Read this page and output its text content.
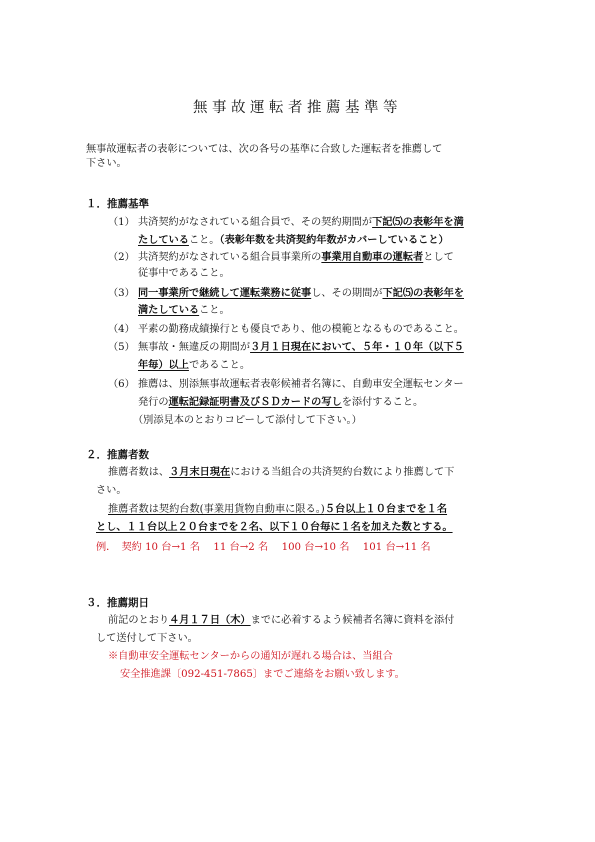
無事故運転者推薦基準等
無事故運転者の表彰については、次の各号の基準に合致した運転者を推薦して
下さい。
１．推薦基準
（1） 共済契約がなされている組合員で、その契約期間が下記⑸の表彰年を満
たしていること。（表彰年数を共済契約年数がカバーしていること）
（2） 共済契約がなされている組合員事業所の事業用自動車の運転者として
従事中であること。
（3） 同一事業所で継続して運転業務に従事し、その期間が下記⑸の表彰年を
満たしていること。
（4） 平素の勤務成績操行とも優良であり、他の模範となるものであること。
（5） 無事故・無違反の期間が３月１日現在において、５年・１０年（以下５
年毎）以上であること。
（6） 推薦は、別添無事故運転者表彰候補者名簿に、自動車安全運転センター
発行の運転記録証明書及びＳＤカードの写しを添付すること。
（別添見本のとおりコピーして添付して下さい。）
２．推薦者数
推薦者数は、３月末日現在における当組合の共済契約台数により推薦して下
さい。
推薦者数は契約台数(事業用貨物自動車に限る。)５台以上１０台までを１名
とし、１１台以上２０台までを２名、以下１０台毎に１名を加えた数とする。
例．　契約 10 台→1 名　 11 台→2 名　 100 台→10 名　 101 台→11 名
３．推薦期日
前記のとおり４月１７日（木）までに必着するよう候補者名簿に資料を添付
して送付して下さい。
※自動車安全運転センターからの通知が遅れる場合は、当組合
安全推進課〔092-451-7865〕までご連絡をお願い致します。
